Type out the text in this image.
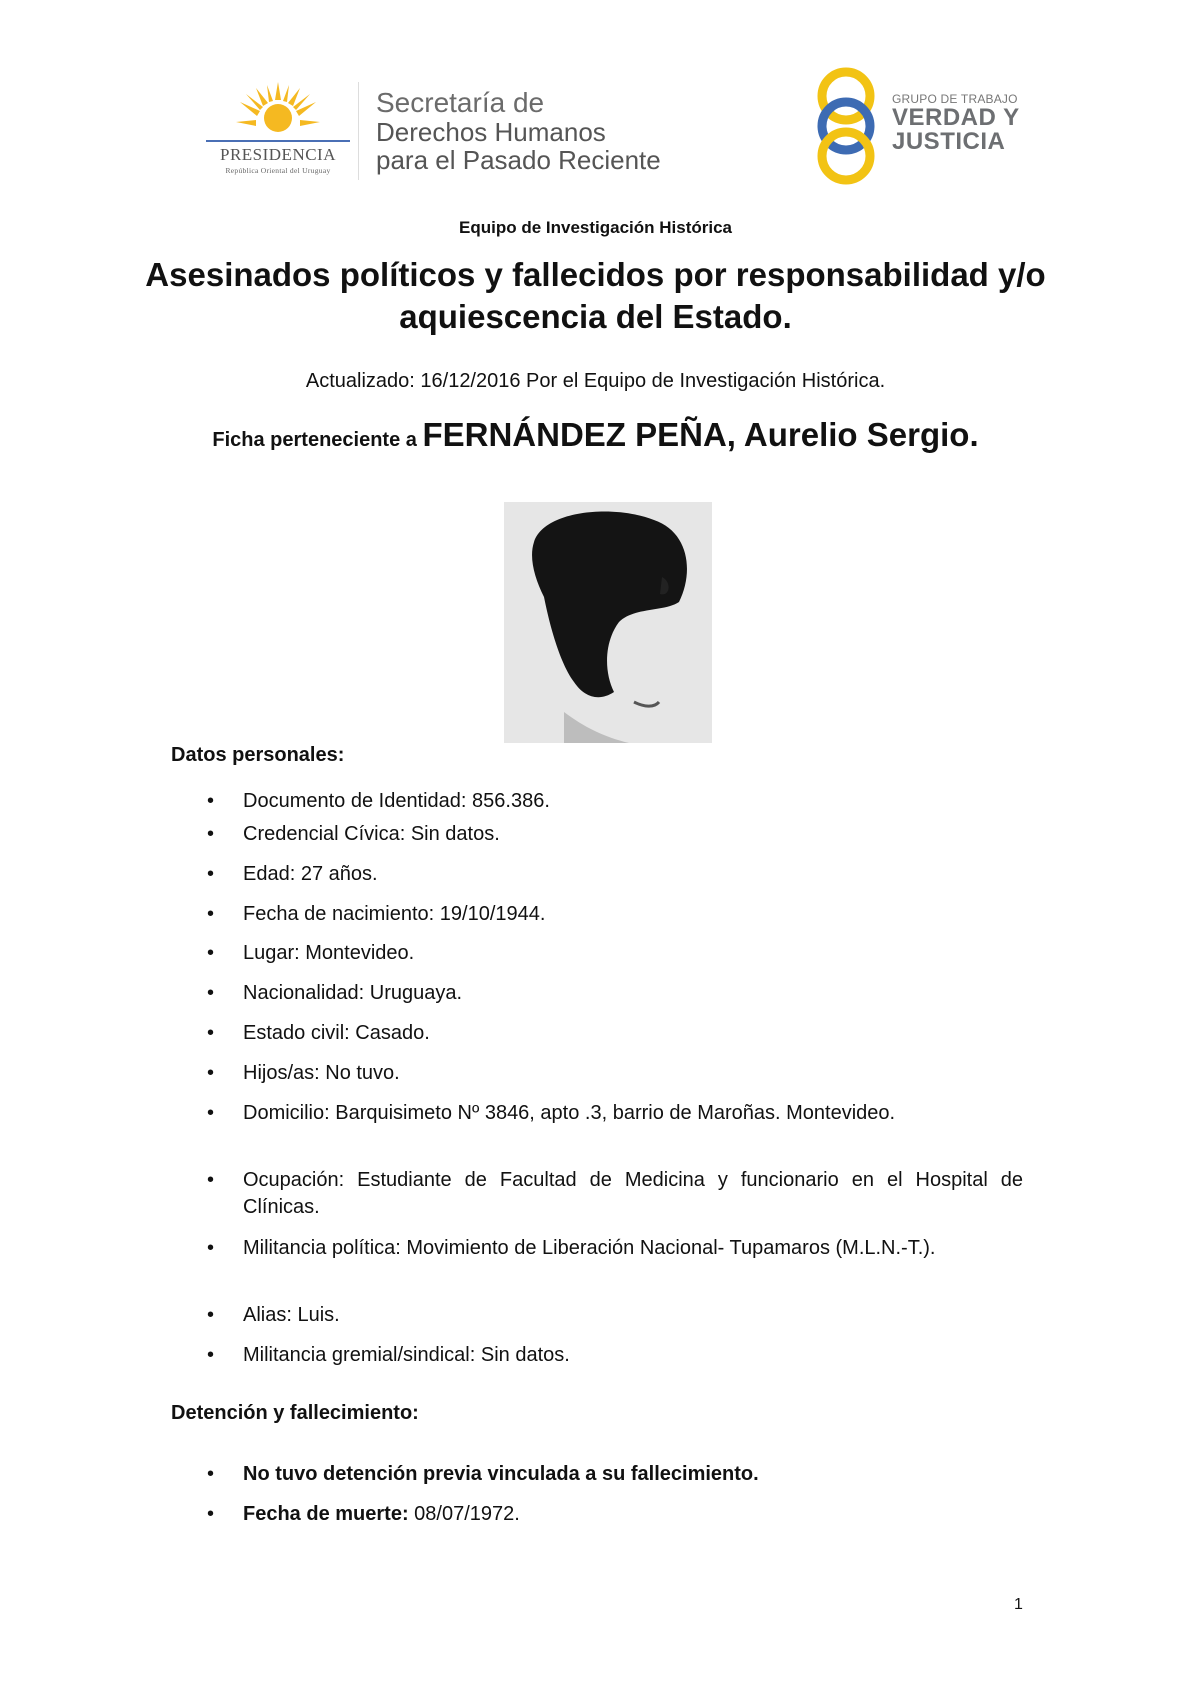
PRESIDENCIA
República Oriental del Uruguay
Secretaría de
Derechos Humanos
para el Pasado Reciente
GRUPO DE TRABAJO
VERDAD Y
JUSTICIA
Equipo de Investigación Histórica
Asesinados políticos y fallecidos por responsabilidad y/o aquiescencia del Estado.
Actualizado: 16/12/2016 Por el Equipo de Investigación Histórica.
Ficha perteneciente a FERNÁNDEZ PEÑA, Aurelio Sergio.
Datos personales:
• Documento de Identidad: 856.386.
• Credencial Cívica: Sin datos.
• Edad: 27 años.
• Fecha de nacimiento: 19/10/1944.
• Lugar: Montevideo.
• Nacionalidad: Uruguaya.
• Estado civil: Casado.
• Hijos/as: No tuvo.
• Domicilio: Barquisimeto Nº 3846, apto .3, barrio de Maroñas. Montevideo.
• Ocupación: Estudiante de Facultad de Medicina y funcionario en el Hospital de Clínicas.
• Militancia política: Movimiento de Liberación Nacional- Tupamaros (M.L.N.-T.).
• Alias: Luis.
• Militancia gremial/sindical: Sin datos.
Detención y fallecimiento:
• No tuvo detención previa vinculada a su fallecimiento.
• Fecha de muerte: 08/07/1972.
1
